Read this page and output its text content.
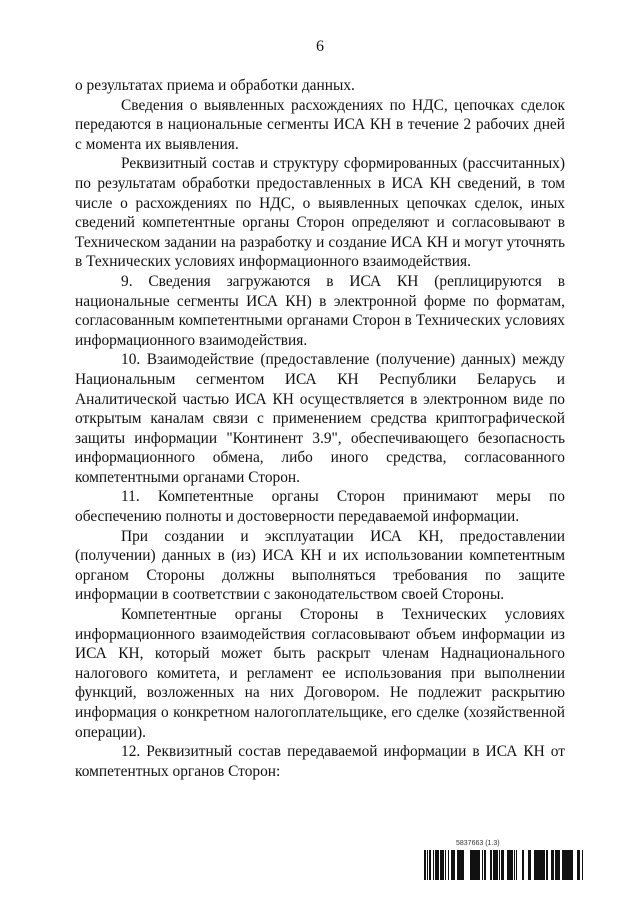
6

о результатах приема и обработки данных.

Сведения о выявленных расхождениях по НДС, цепочках сделок передаются в национальные сегменты ИСА КН в течение 2 рабочих дней с момента их выявления.

Реквизитный состав и структуру сформированных (рассчитанных) по результатам обработки предоставленных в ИСА КН сведений, в том числе о расхождениях по НДС, о выявленных цепочках сделок, иных сведений компетентные органы Сторон определяют и согласовывают в Техническом задании на разработку и создание ИСА КН и могут уточнять в Технических условиях информационного взаимодействия.

9. Сведения загружаются в ИСА КН (реплицируются в национальные сегменты ИСА КН) в электронной форме по форматам, согласованным компетентными органами Сторон в Технических условиях информационного взаимодействия.

10. Взаимодействие (предоставление (получение) данных) между Национальным сегментом ИСА КН Республики Беларусь и Аналитической частью ИСА КН осуществляется в электронном виде по открытым каналам связи с применением средства криптографической защиты информации "Континент 3.9", обеспечивающего безопасность информационного обмена, либо иного средства, согласованного компетентными органами Сторон.

11. Компетентные органы Сторон принимают меры по обеспечению полноты и достоверности передаваемой информации.

При создании и эксплуатации ИСА КН, предоставлении (получении) данных в (из) ИСА КН и их использовании компетентным органом Стороны должны выполняться требования по защите информации в соответствии с законодательством своей Стороны.

Компетентные органы Стороны в Технических условиях информационного взаимодействия согласовывают объем информации из ИСА КН, который может быть раскрыт членам Наднационального налогового комитета, и регламент ее использования при выполнении функций, возложенных на них Договором. Не подлежит раскрытию информация о конкретном налогоплательщике, его сделке (хозяйственной операции).

12. Реквизитный состав передаваемой информации в ИСА КН от компетентных органов Сторон:

5837663 (1.3)
